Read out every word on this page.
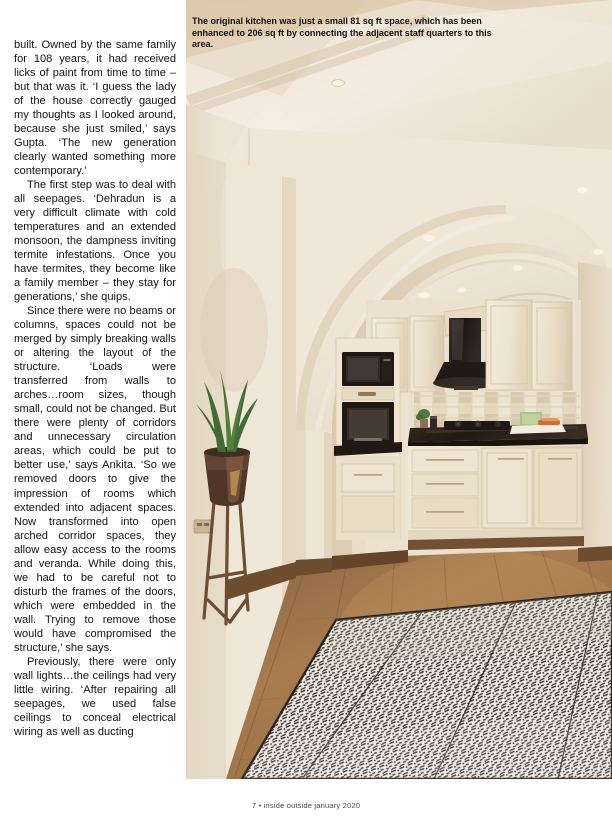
built. Owned by the same family for 108 years, it had received licks of paint from time to time – but that was it. ‘I guess the lady of the house correctly gauged my thoughts as I looked around, because she just smiled,’ says Gupta. ‘The new generation clearly wanted something more contemporary.’

The first step was to deal with all seepages. ‘Dehradun is a very difficult climate with cold temperatures and an extended monsoon, the dampness inviting termite infestations. Once you have termites, they become like a family member – they stay for generations,’ she quips.

Since there were no beams or columns, spaces could not be merged by simply breaking walls or altering the layout of the structure. ‘Loads were transferred from walls to arches…room sizes, though small, could not be changed. But there were plenty of corridors and unnecessary circulation areas, which could be put to better use,’ says Ankita. ‘So we removed doors to give the impression of rooms which extended into adjacent spaces. Now transformed into open arched corridor spaces, they allow easy access to the rooms and veranda. While doing this, we had to be careful not to disturb the frames of the doors, which were embedded in the wall. Trying to remove those would have compromised the structure,’ she says.

Previously, there were only wall lights…the ceilings had very little wiring. ‘After repairing all seepages, we used false ceilings to conceal electrical wiring as well as ducting

The original kitchen was just a small 81 sq ft space, which has been enhanced to 206 sq ft by connecting the adjacent staff quarters to this area.
7 • inside outside january 2020
